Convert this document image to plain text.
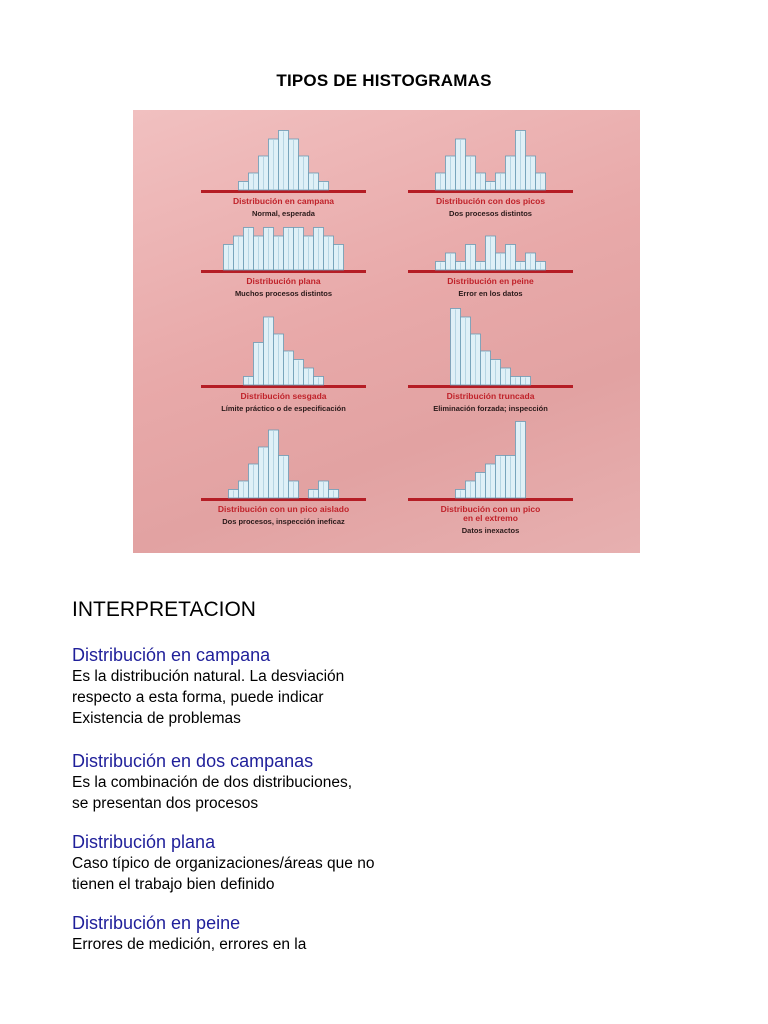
TIPOS DE HISTOGRAMAS
Distribución en campana
Normal, esperada
Distribución con dos picos
Dos procesos distintos
Distribución plana
Muchos procesos distintos
Distribución en peine
Error en los datos
Distribución sesgada
Límite práctico o de especificación
Distribución truncada
Eliminación forzada; inspección
Distribución con un pico aislado
Dos procesos, inspección ineficaz
Distribución con un pico en el extremo
Datos inexactos
INTERPRETACION

Distribución en campana

Es la distribución natural. La desviación
respecto a esta forma, puede indicar
Existencia de problemas

Distribución en dos campanas

Es la combinación de dos distribuciones,
se presentan dos procesos

Distribución plana

Caso típico de organizaciones/áreas que no
tienen el trabajo bien definido

Distribución en peine

Errores de medición, errores en la
